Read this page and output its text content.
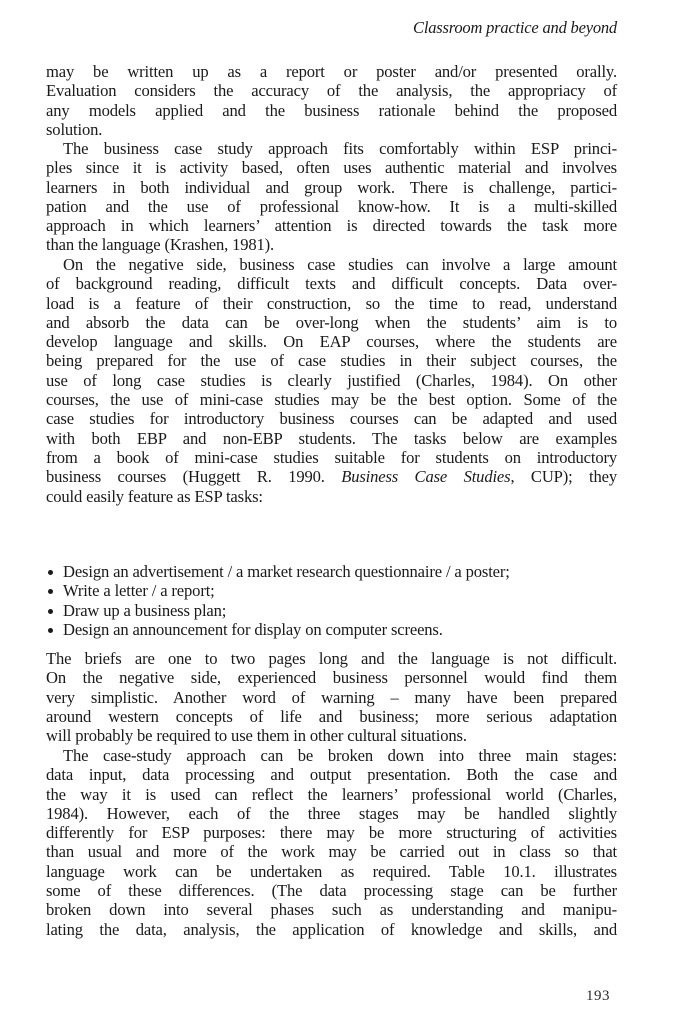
Classroom practice and beyond
may be written up as a report or poster and/or presented orally.
Evaluation considers the accuracy of the analysis, the appropriacy of
any models applied and the business rationale behind the proposed
solution.
The business case study approach fits comfortably within ESP princi-
ples since it is activity based, often uses authentic material and involves
learners in both individual and group work. There is challenge, partici-
pation and the use of professional know-how. It is a multi-skilled
approach in which learners’ attention is directed towards the task more
than the language (Krashen, 1981).
On the negative side, business case studies can involve a large amount
of background reading, difficult texts and difficult concepts. Data over-
load is a feature of their construction, so the time to read, understand
and absorb the data can be over-long when the students’ aim is to
develop language and skills. On EAP courses, where the students are
being prepared for the use of case studies in their subject courses, the
use of long case studies is clearly justified (Charles, 1984). On other
courses, the use of mini-case studies may be the best option. Some of the
case studies for introductory business courses can be adapted and used
with both EBP and non-EBP students. The tasks below are examples
from a book of mini-case studies suitable for students on introductory
business courses (Huggett R. 1990. Business Case Studies, CUP); they
could easily feature as ESP tasks:
Design an advertisement / a market research questionnaire / a poster;
Write a letter / a report;
Draw up a business plan;
Design an announcement for display on computer screens.
The briefs are one to two pages long and the language is not difficult.
On the negative side, experienced business personnel would find them
very simplistic. Another word of warning – many have been prepared
around western concepts of life and business; more serious adaptation
will probably be required to use them in other cultural situations.
The case-study approach can be broken down into three main stages:
data input, data processing and output presentation. Both the case and
the way it is used can reflect the learners’ professional world (Charles,
1984). However, each of the three stages may be handled slightly
differently for ESP purposes: there may be more structuring of activities
than usual and more of the work may be carried out in class so that
language work can be undertaken as required. Table 10.1. illustrates
some of these differences. (The data processing stage can be further
broken down into several phases such as understanding and manipu-
lating the data, analysis, the application of knowledge and skills, and
193
